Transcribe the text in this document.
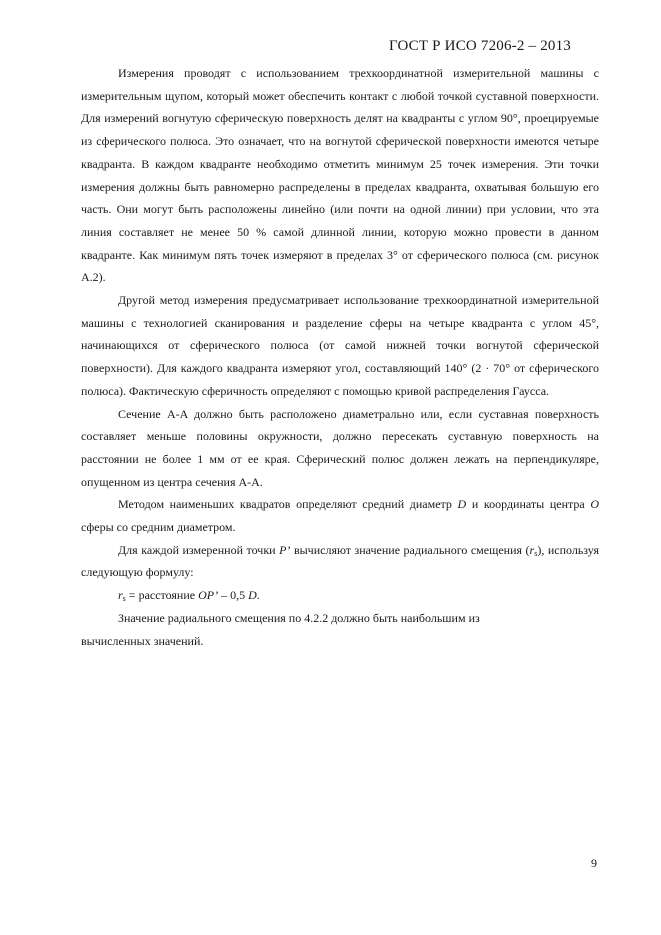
ГОСТ Р ИСО 7206-2 – 2013

Измерения проводят с использованием трехкоординатной измерительной машины с измерительным щупом, который может обеспечить контакт с любой точкой суставной поверхности. Для измерений вогнутую сферическую поверхность делят на квадранты с углом 90°, проецируемые из сферического полюса. Это означает, что на вогнутой сферической поверхности имеются четыре квадранта. В каждом квадранте необходимо отметить минимум 25 точек измерения. Эти точки измерения должны быть равномерно распределены в пределах квадранта, охватывая большую его часть. Они могут быть расположены линейно (или почти на одной линии) при условии, что эта линия составляет не менее 50 % самой длинной линии, которую можно провести в данном квадранте. Как минимум пять точек измеряют в пределах 3° от сферического полюса (см. рисунок A.2).

Другой метод измерения предусматривает использование трехкоординатной измерительной машины с технологией сканирования и разделение сферы на четыре квадранта с углом 45°, начинающихся от сферического полюса (от самой нижней точки вогнутой сферической поверхности). Для каждого квадранта измеряют угол, составляющий 140° (2 · 70° от сферического полюса). Фактическую сферичность определяют с помощью кривой распределения Гаусса.

Сечение A-A должно быть расположено диаметрально или, если суставная поверхность составляет меньше половины окружности, должно пересекать суставную поверхность на расстоянии не более 1 мм от ее края. Сферический полюс должен лежать на перпендикуляре, опущенном из центра сечения A-A.

Методом наименьших квадратов определяют средний диаметр D и координаты центра O сферы со средним диаметром.

Для каждой измеренной точки P’ вычисляют значение радиального смещения $(r_s)$, используя следующую формулу:

$r_s$ = расстояние OP’ – 0,5 D.

Значение радиального смещения по 4.2.2 должно быть наибольшим из вычисленных значений.

9
